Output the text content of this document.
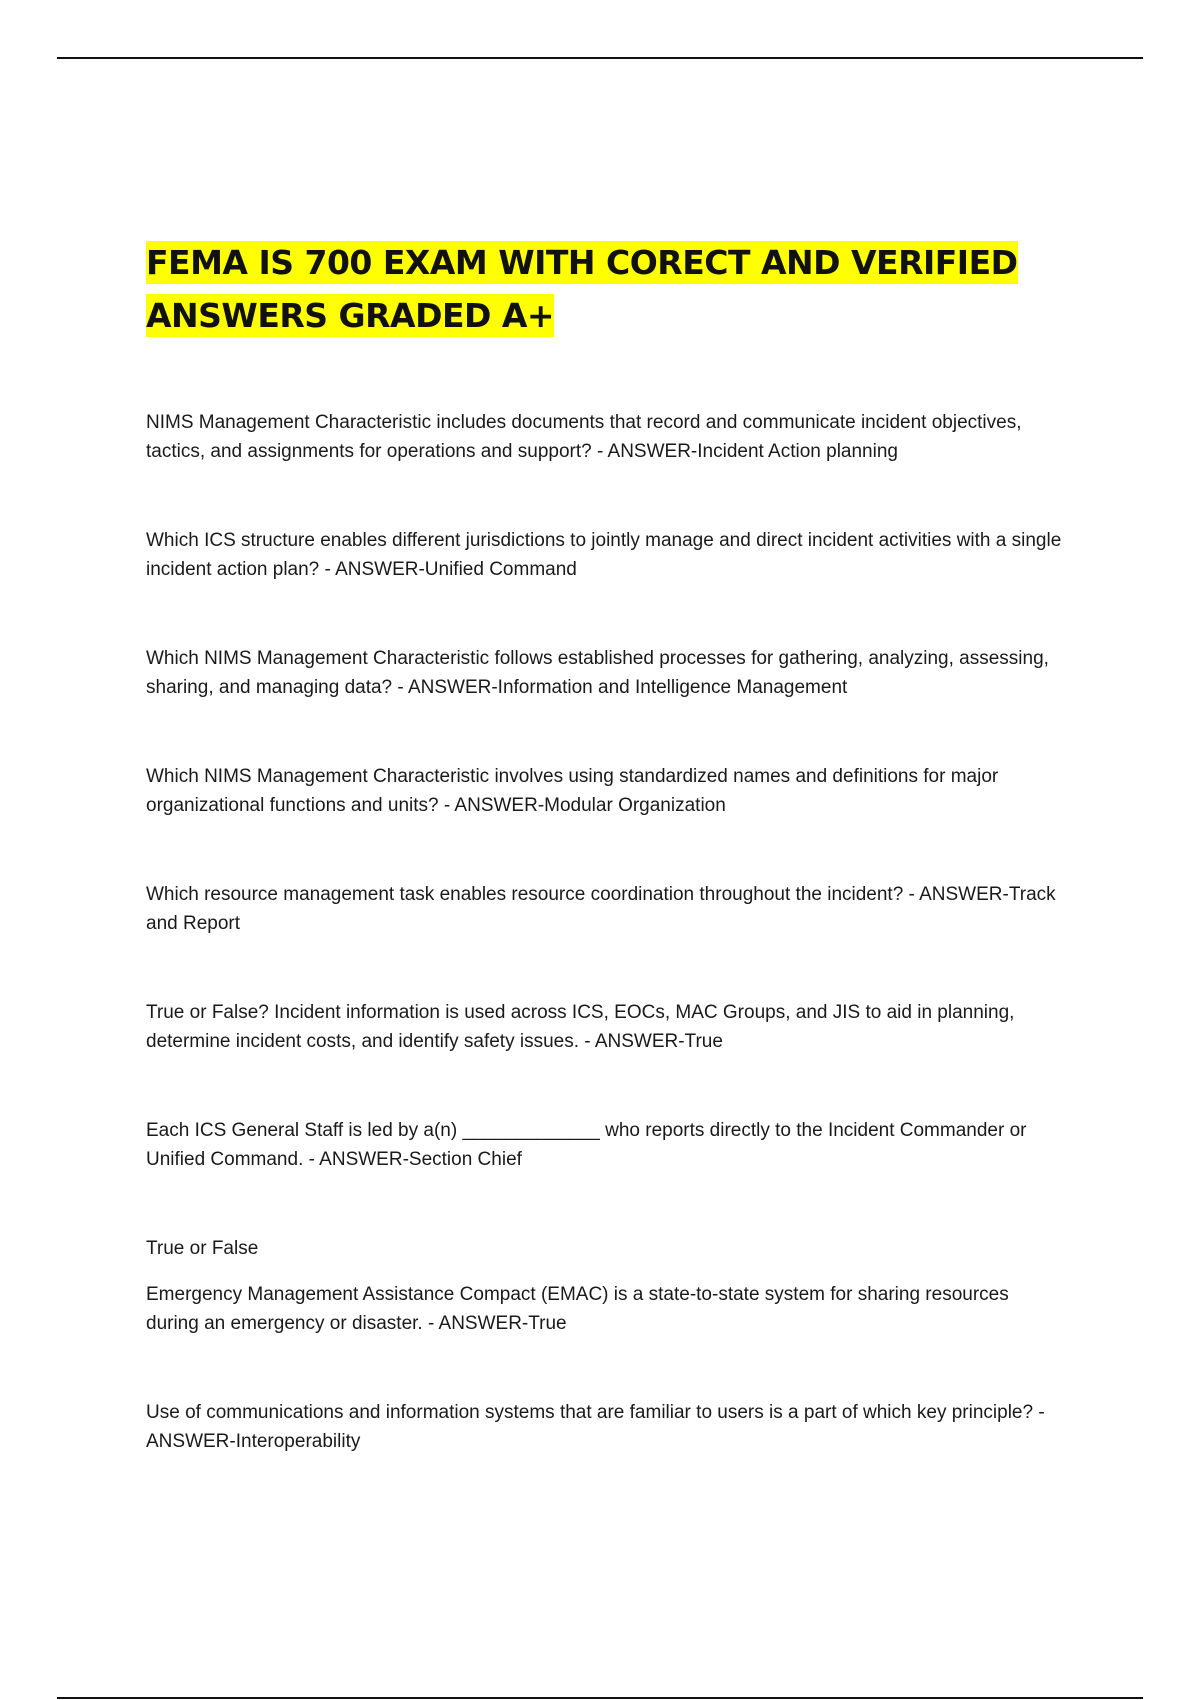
FEMA IS 700 EXAM WITH CORECT AND VERIFIED ANSWERS GRADED A+

NIMS Management Characteristic includes documents that record and communicate incident objectives, tactics, and assignments for operations and support? - ANSWER-Incident Action planning

Which ICS structure enables different jurisdictions to jointly manage and direct incident activities with a single incident action plan? - ANSWER-Unified Command

Which NIMS Management Characteristic follows established processes for gathering, analyzing, assessing, sharing, and managing data? - ANSWER-Information and Intelligence Management

Which NIMS Management Characteristic involves using standardized names and definitions for major organizational functions and units? - ANSWER-Modular Organization

Which resource management task enables resource coordination throughout the incident? - ANSWER-Track and Report

True or False? Incident information is used across ICS, EOCs, MAC Groups, and JIS to aid in planning, determine incident costs, and identify safety issues. - ANSWER-True

Each ICS General Staff is led by a(n) _____________ who reports directly to the Incident Commander or Unified Command. - ANSWER-Section Chief

True or False

Emergency Management Assistance Compact (EMAC) is a state-to-state system for sharing resources during an emergency or disaster. - ANSWER-True

Use of communications and information systems that are familiar to users is a part of which key principle? - ANSWER-Interoperability
